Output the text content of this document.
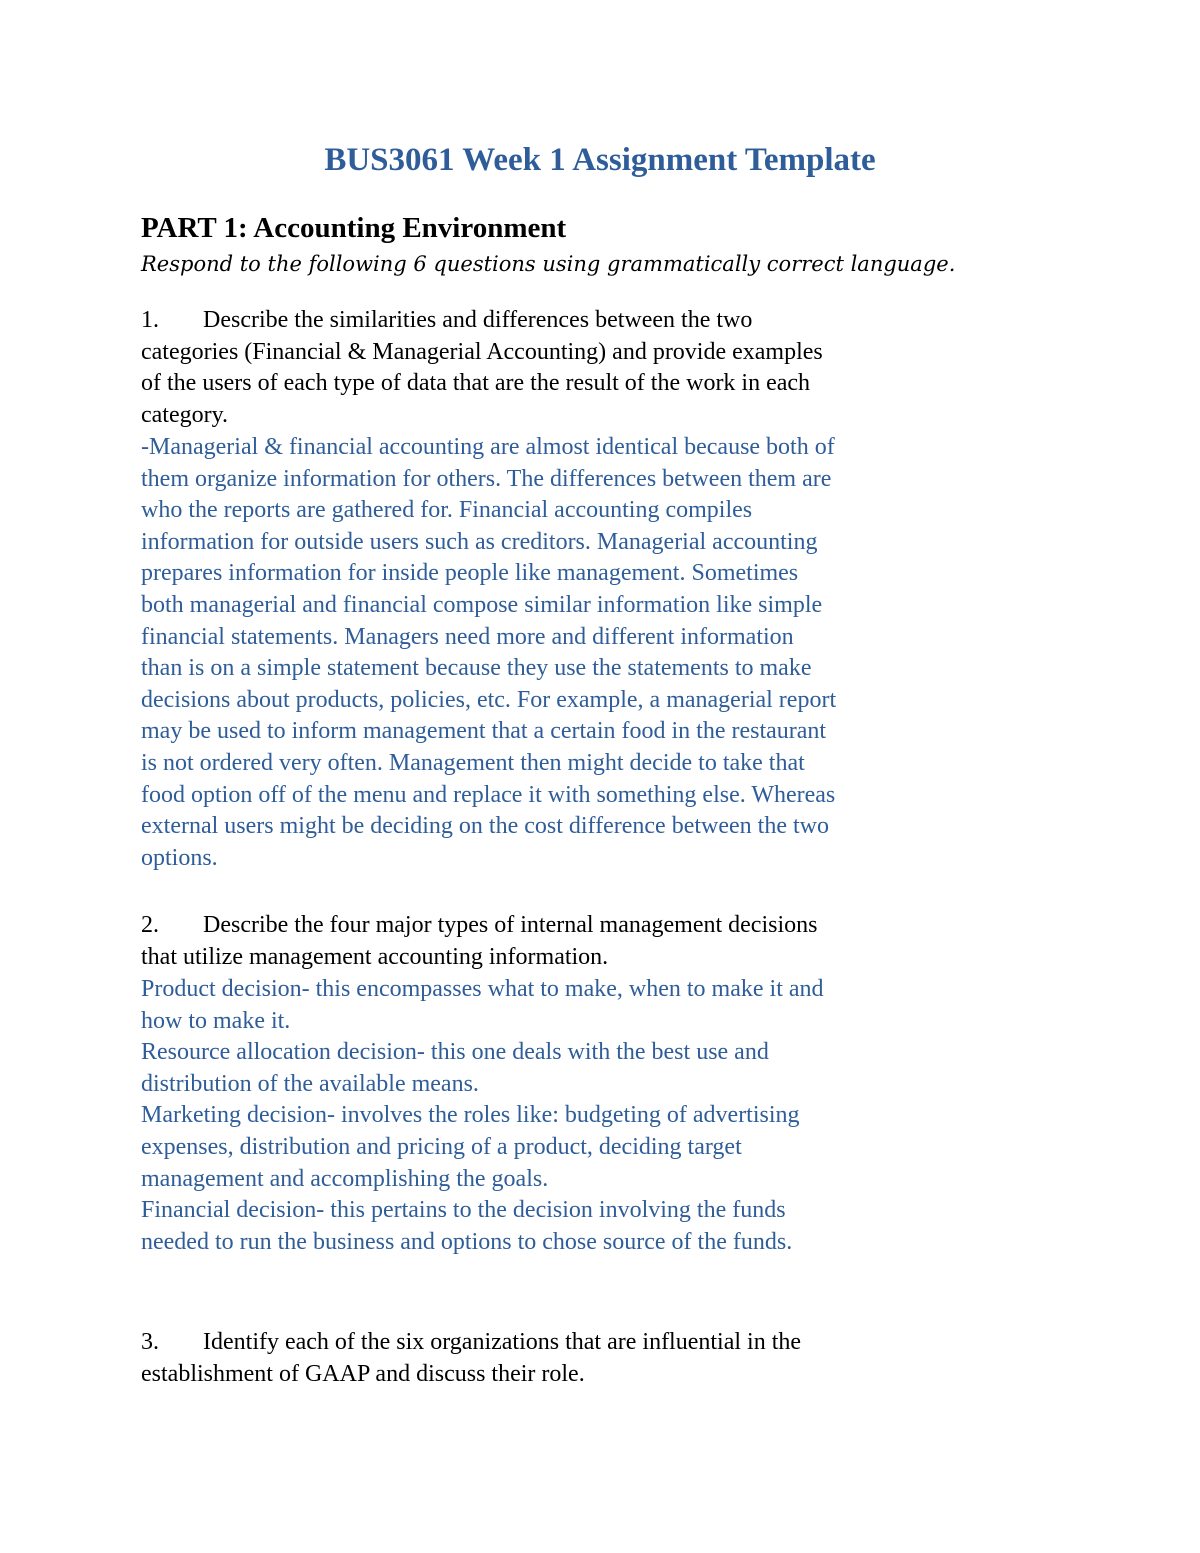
BUS3061 Week 1 Assignment Template
PART 1: Accounting Environment
Respond to the following 6 questions using grammatically correct language.
1. Describe the similarities and differences between the two
categories (Financial & Managerial Accounting) and provide examples
of the users of each type of data that are the result of the work in each
category.
-Managerial & financial accounting are almost identical because both of
them organize information for others. The differences between them are
who the reports are gathered for. Financial accounting compiles
information for outside users such as creditors. Managerial accounting
prepares information for inside people like management. Sometimes
both managerial and financial compose similar information like simple
financial statements. Managers need more and different information
than is on a simple statement because they use the statements to make
decisions about products, policies, etc. For example, a managerial report
may be used to inform management that a certain food in the restaurant
is not ordered very often. Management then might decide to take that
food option off of the menu and replace it with something else. Whereas
external users might be deciding on the cost difference between the two
options.
2. Describe the four major types of internal management decisions
that utilize management accounting information.
Product decision- this encompasses what to make, when to make it and
how to make it.
Resource allocation decision- this one deals with the best use and
distribution of the available means.
Marketing decision- involves the roles like: budgeting of advertising
expenses, distribution and pricing of a product, deciding target
management and accomplishing the goals.
Financial decision- this pertains to the decision involving the funds
needed to run the business and options to chose source of the funds.
3. Identify each of the six organizations that are influential in the
establishment of GAAP and discuss their role.
